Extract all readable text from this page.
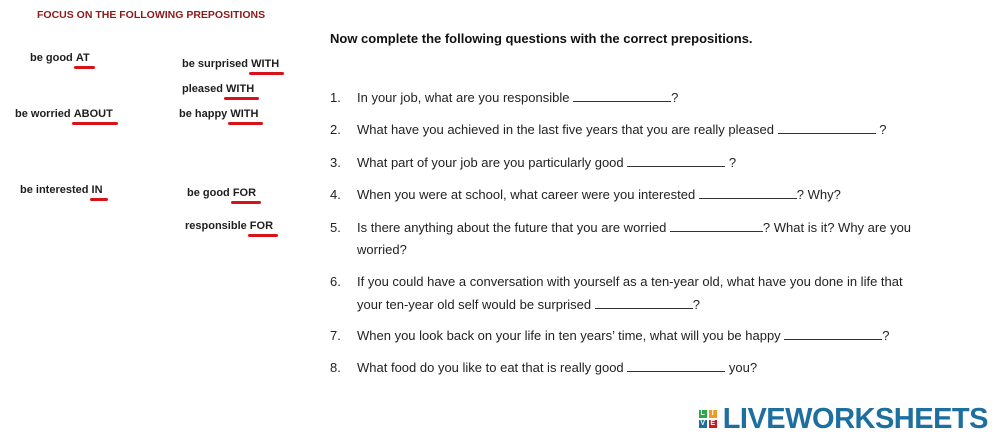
FOCUS ON THE FOLLOWING PREPOSITIONS
be good AT	be surprised WITH
pleased WITH
be worried ABOUT	be happy WITH
be interested IN	be good FOR
responsible FOR
Now complete the following questions with the correct prepositions.
1. In your job, what are you responsible	?
2. What have you achieved in the last five years that you are really pleased	?
3. What part of your job are you particularly good	?
4. When you were at school, what career were you interested	? Why?
5. Is there anything about the future that you are worried	? What is it? Why are you
worried?
6. If you could have a conversation with yourself as a ten-year old, what have you done in life that
your ten-year old self would be surprised	?
7. When you look back on your life in ten years’ time, what will you be happy	?
8. What food do you like to eat that is really good	you?
L I
V E LIVEWORKSHEETS
